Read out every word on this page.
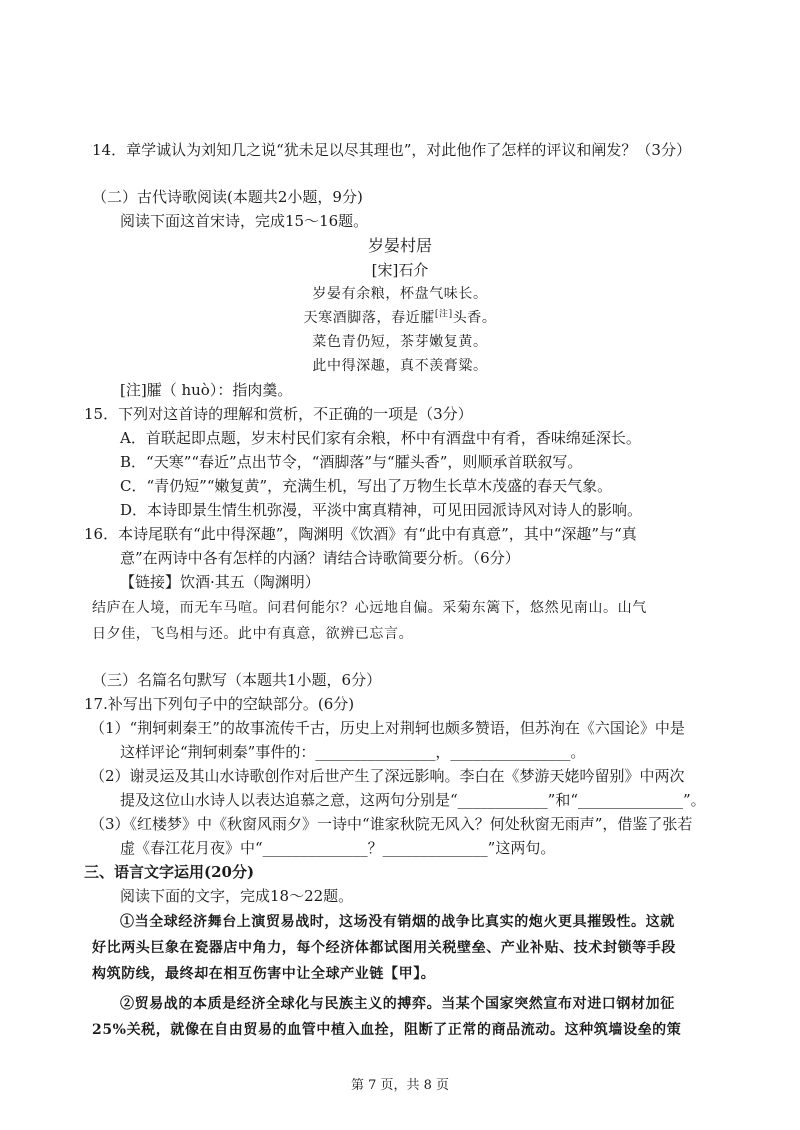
14．章学诚认为刘知几之说“犹未足以尽其理也”，对此他作了怎样的评议和阐发？（3分）

（二）古代诗歌阅读(本题共2小题，9分)

阅读下面这首宋诗，完成15～16题。

岁晏村居

[宋]石介

岁晏有余粮，杯盘气味长。

天寒酒脚落，春近臛[注]头香。

菜色青仍短，茶芽嫩复黄。

此中得深趣，真不羡膏粱。

[注]臛（ huò）：指肉羹。

15．下列对这首诗的理解和赏析，不正确的一项是（3分）

A．首联起即点题，岁末村民们家有余粮，杯中有酒盘中有肴，香味绵延深长。

B．“天寒”“春近”点出节令，“酒脚落”与“臛头香”，则顺承首联叙写。

C．“青仍短”“嫩复黄”，充满生机，写出了万物生长草木茂盛的春天气象。

D．本诗即景生情生机弥漫，平淡中寓真精神，可见田园派诗风对诗人的影响。

16．本诗尾联有“此中得深趣”，陶渊明《饮酒》有“此中有真意”，其中“深趣”与“真

意”在两诗中各有怎样的内涵？请结合诗歌简要分析。（6分）

【链接】饮酒·其五（陶渊明）

结庐在人境，而无车马喧。问君何能尔？心远地自偏。采菊东篱下，悠然见南山。山气

日夕佳，飞鸟相与还。此中有真意，欲辨已忘言。

（三）名篇名句默写（本题共1小题，6分）

17.补写出下列句子中的空缺部分。(6分)

（1）“荆轲刺秦王”的故事流传千古，历史上对荆轲也颇多赞语，但苏洵在《六国论》中是

这样评论“荆轲刺秦”事件的：________________，________________。

（2）谢灵运及其山水诗歌创作对后世产生了深远影响。李白在《梦游天姥吟留别》中两次

提及这位山水诗人以表达追慕之意，这两句分别是“____________”和“______________”。

（3）《红楼梦》中《秋窗风雨夕》一诗中“谁家秋院无风入？何处秋窗无雨声”，借鉴了张若

虚《春江花月夜》中“______________？______________”这两句。

三、语言文字运用(20分)

阅读下面的文字，完成18～22题。

①当全球经济舞台上演贸易战时，这场没有销烟的战争比真实的炮火更具摧毁性。这就

好比两头巨象在瓷器店中角力，每个经济体都试图用关税壁垒、产业补贴、技术封锁等手段

构筑防线，最终却在相互伤害中让全球产业链【甲】。

②贸易战的本质是经济全球化与民族主义的搏弈。当某个国家突然宣布对进口钢材加征

25%关税，就像在自由贸易的血管中植入血拴，阻断了正常的商品流动。这种筑墙设垒的策

第 7 页，共 8 页
